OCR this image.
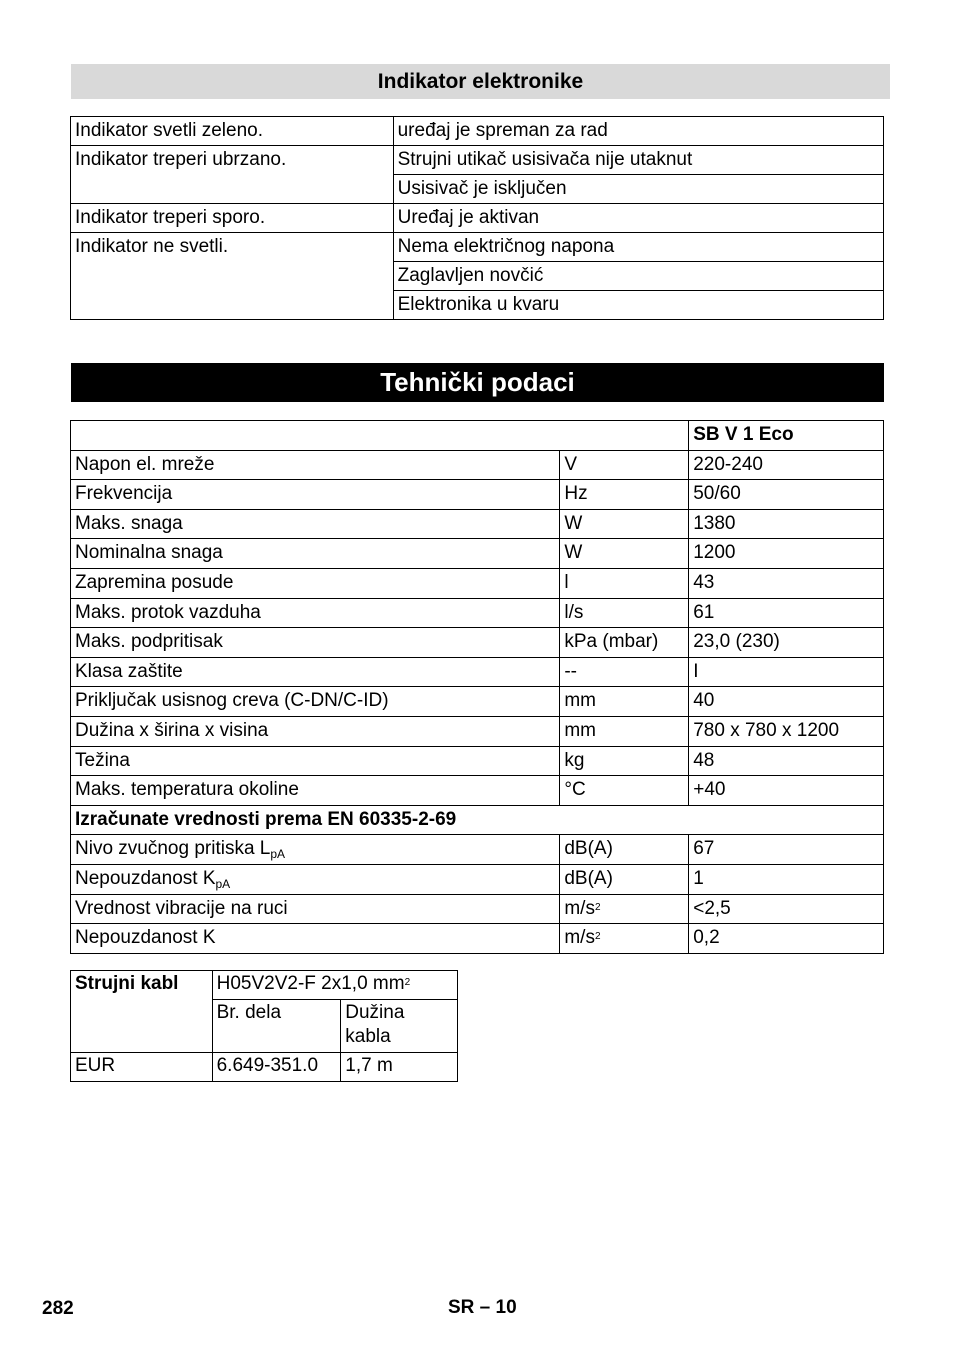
Indikator elektronike
Indikator svetli zeleno.	uređaj je spreman za rad
Indikator treperi ubrzano.	Strujni utikač usisivača nije utaknut
	Usisivač je isključen
Indikator treperi sporo.	Uređaj je aktivan
Indikator ne svetli.	Nema električnog napona
	Zaglavljen novčić
	Elektronika u kvaru
Tehnički podaci
		SB V 1 Eco
Napon el. mreže	V	220-240
Frekvencija	Hz	50/60
Maks. snaga	W	1380
Nominalna snaga	W	1200
Zapremina posude	l	43
Maks. protok vazduha	l/s	61
Maks. podpritisak	kPa (mbar)	23,0 (230)
Klasa zaštite	--	I
Priključak usisnog creva (C-DN/C-ID)	mm	40
Dužina x širina x visina	mm	780 x 780 x 1200
Težina	kg	48
Maks. temperatura okoline	°C	+40
Izračunate vrednosti prema EN 60335-2-69		
Nivo zvučnog pritiska $L_{pA}$	dB(A)	67
Nepouzdanost $K_{pA}$	dB(A)	1
Vrednost vibracije na ruci	$m/s^2$	<2,5
Nepouzdanost K	$m/s^2$	0,2
Strujni kabl	H05V2V2-F 2x1,0 $mm^2$
	Br. dela	Dužina kabla
EUR	6.649-351.0	1,7 m
282	SR – 10
